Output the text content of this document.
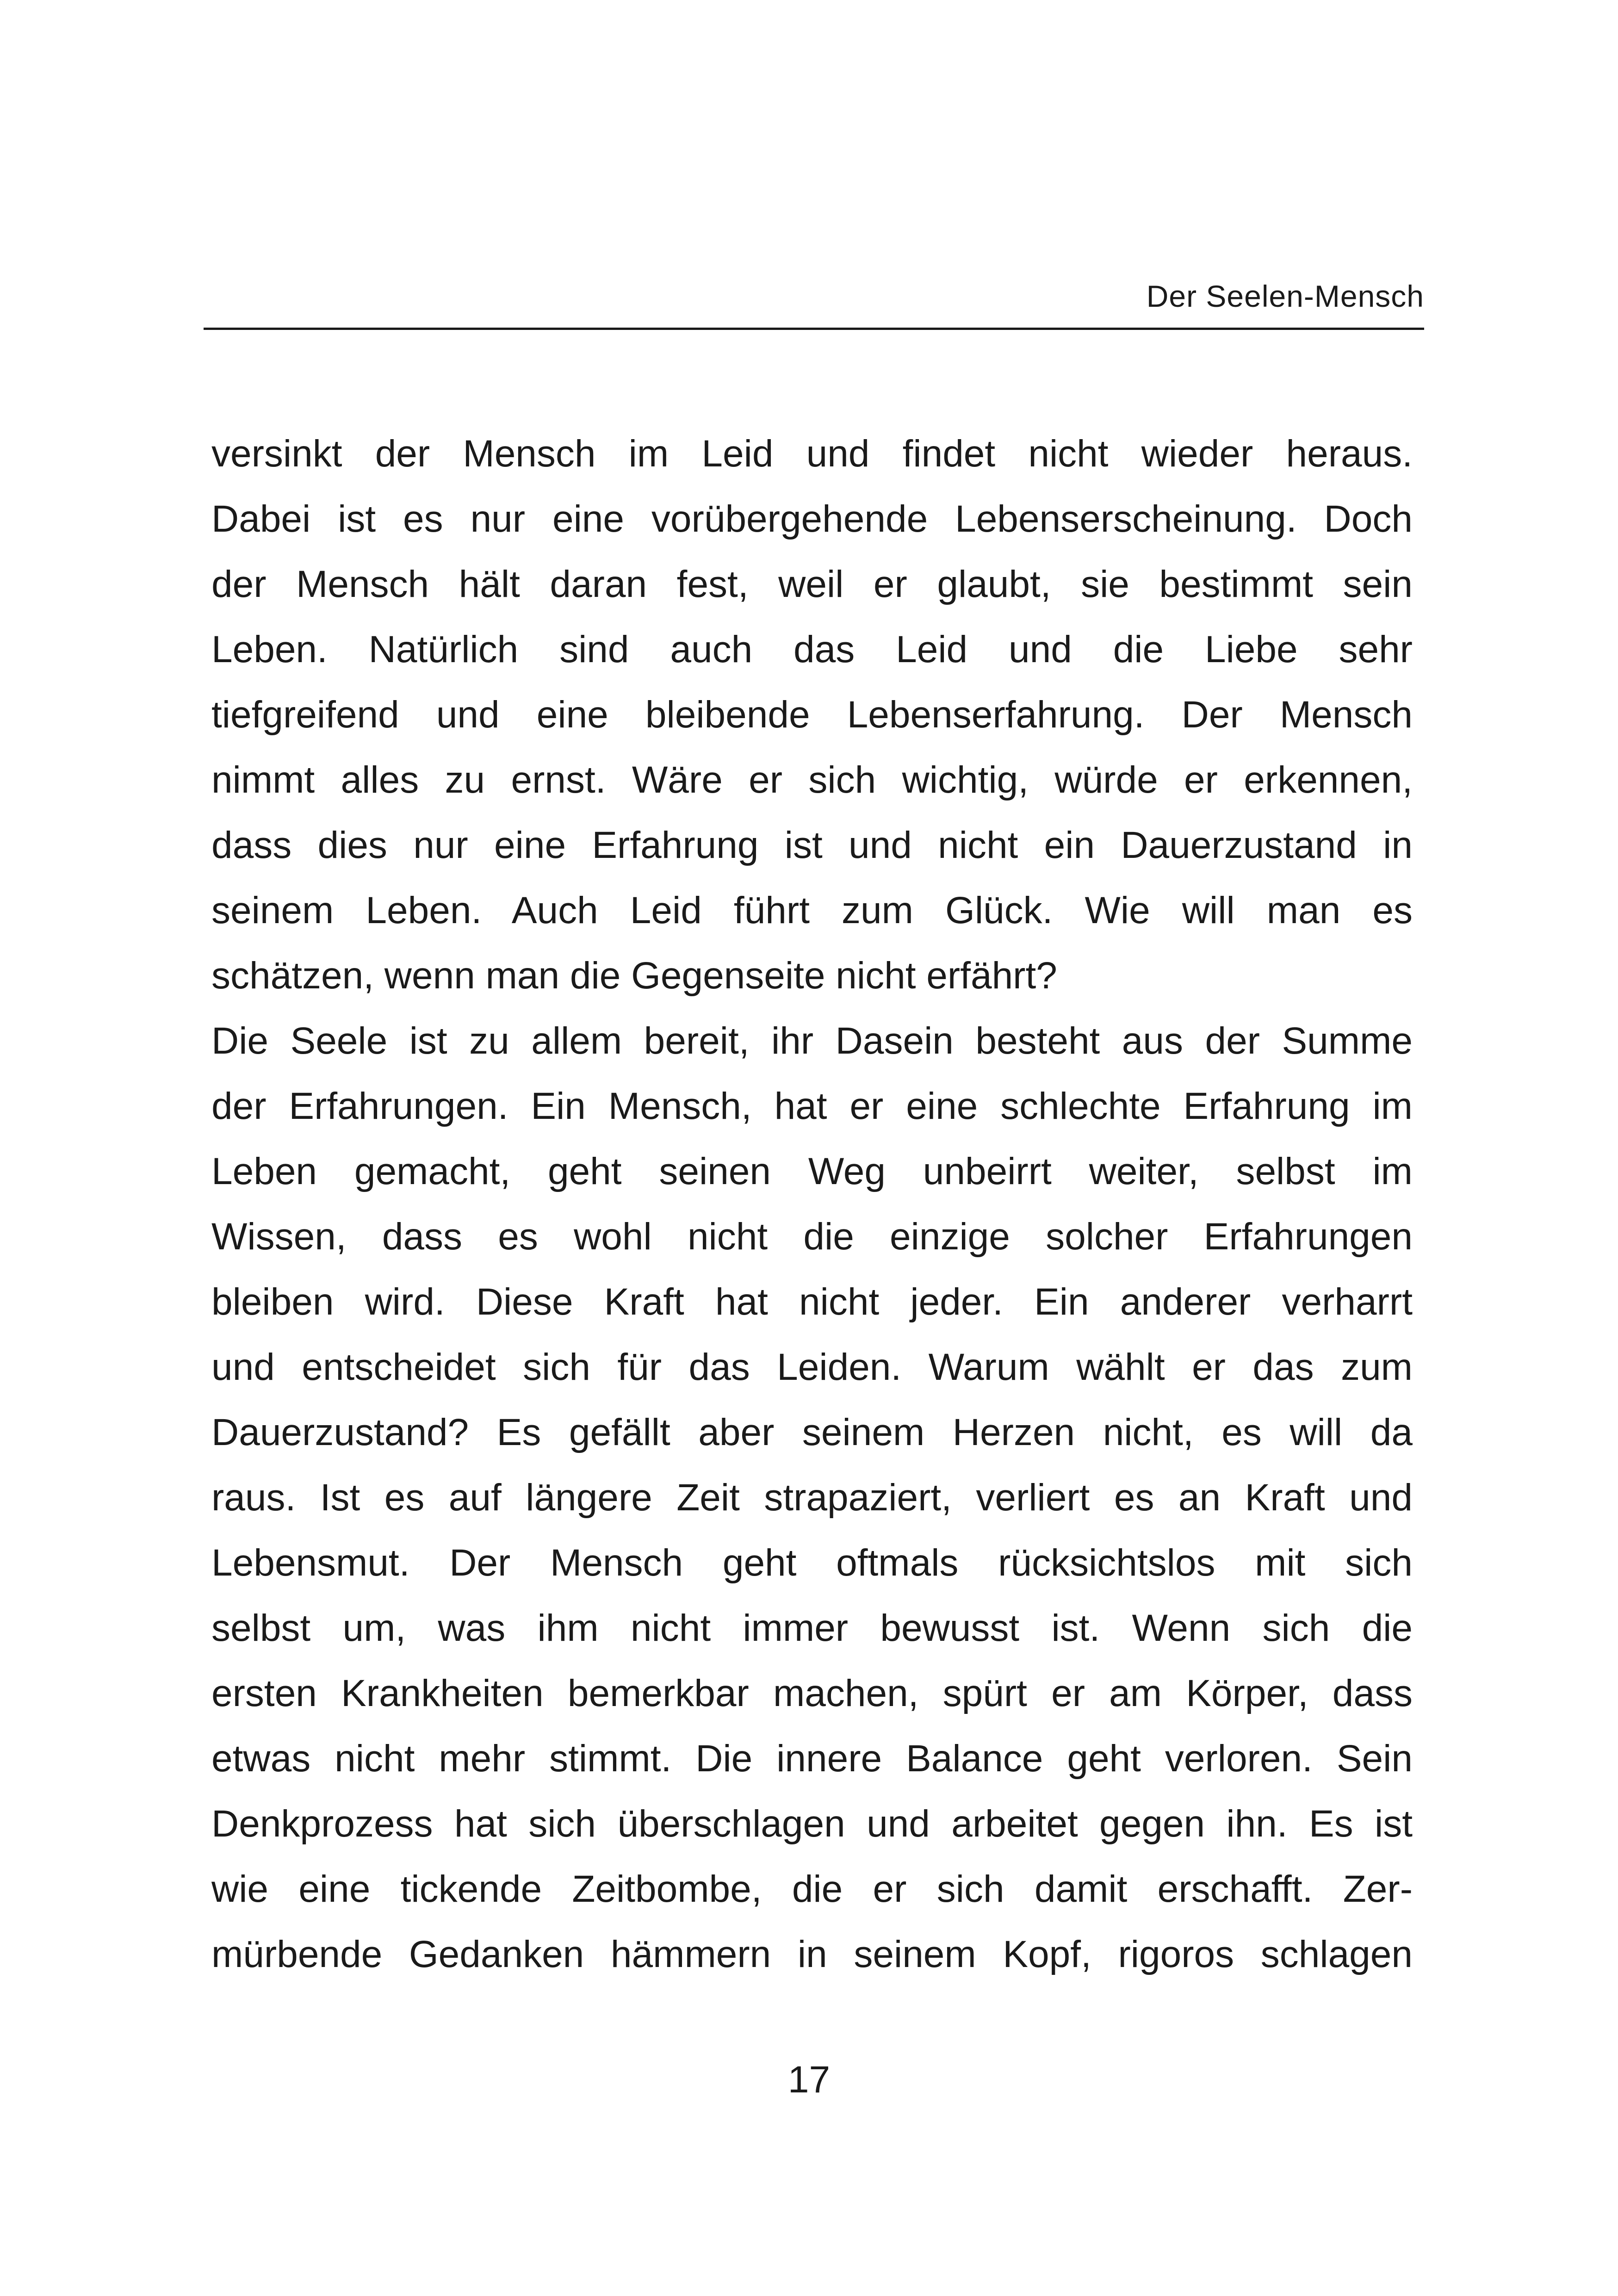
Der Seelen-Mensch
versinkt der Mensch im Leid und findet nicht wieder heraus.
Dabei ist es nur eine vorübergehende Lebenserscheinung. Doch
der Mensch hält daran fest, weil er glaubt, sie bestimmt sein
Leben. Natürlich sind auch das Leid und die Liebe sehr
tiefgreifend und eine bleibende Lebenserfahrung. Der Mensch
nimmt alles zu ernst. Wäre er sich wichtig, würde er erkennen,
dass dies nur eine Erfahrung ist und nicht ein Dauerzustand in
seinem Leben. Auch Leid führt zum Glück. Wie will man es
schätzen, wenn man die Gegenseite nicht erfährt?
Die Seele ist zu allem bereit, ihr Dasein besteht aus der Summe
der Erfahrungen. Ein Mensch, hat er eine schlechte Erfahrung im
Leben gemacht, geht seinen Weg unbeirrt weiter, selbst im
Wissen, dass es wohl nicht die einzige solcher Erfahrungen
bleiben wird. Diese Kraft hat nicht jeder. Ein anderer verharrt
und entscheidet sich für das Leiden. Warum wählt er das zum
Dauerzustand? Es gefällt aber seinem Herzen nicht, es will da
raus. Ist es auf längere Zeit strapaziert, verliert es an Kraft und
Lebensmut. Der Mensch geht oftmals rücksichtslos mit sich
selbst um, was ihm nicht immer bewusst ist. Wenn sich die
ersten Krankheiten bemerkbar machen, spürt er am Körper, dass
etwas nicht mehr stimmt. Die innere Balance geht verloren. Sein
Denkprozess hat sich überschlagen und arbeitet gegen ihn. Es ist
wie eine tickende Zeitbombe, die er sich damit erschafft. Zer-
mürbende Gedanken hämmern in seinem Kopf, rigoros schlagen
17
